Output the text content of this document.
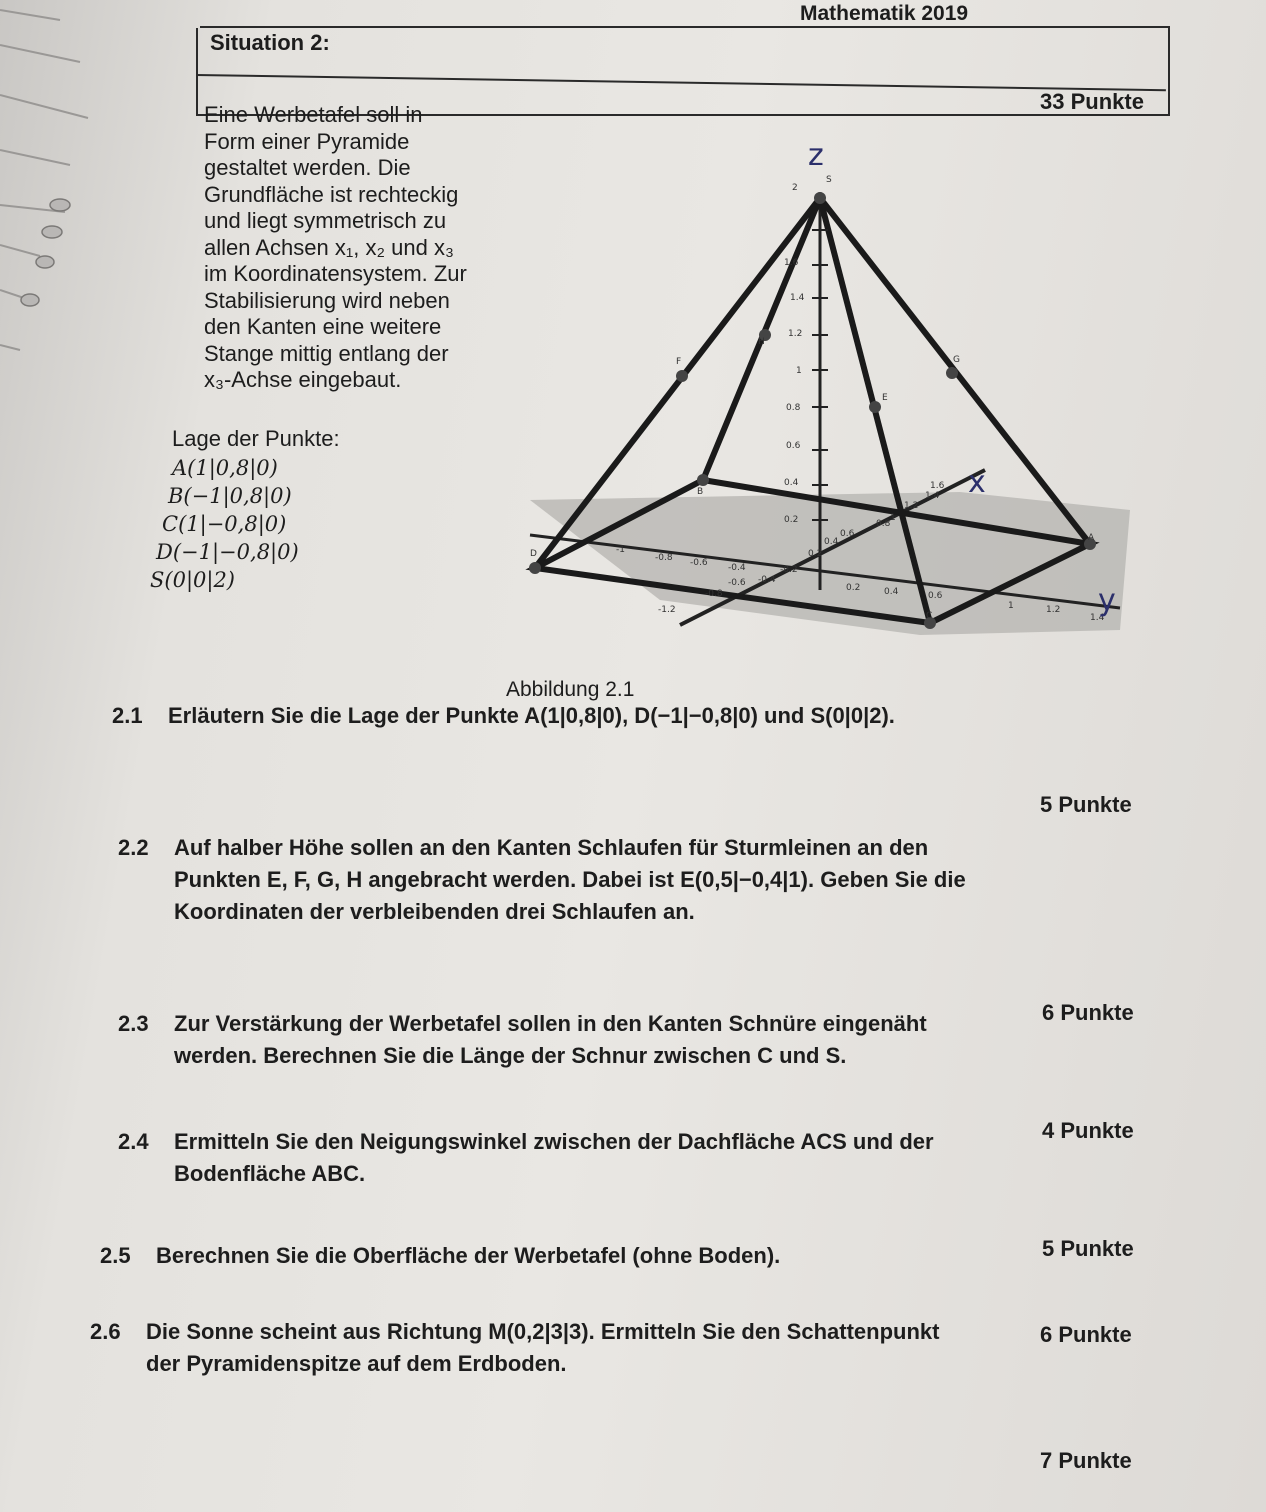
Mathematik 2019
Situation 2:
33 Punkte
Eine Werbetafel soll in
Form einer Pyramide
gestaltet werden. Die
Grundfläche ist rechteckig
und liegt symmetrisch zu
allen Achsen x₁, x₂ und x₃
im Koordinatensystem. Zur
Stabilisierung wird neben
den Kanten eine weitere
Stange mittig entlang der
x₃-Achse eingebaut.
Lage der Punkte:
A(1|0,8|0)
B(−1|0,8|0)
C(1|−0,8|0)
D(−1|−0,8|0)
S(0|0|2)
S
A
B
C
D
E
F	G
H
2
1.6
1.4
1.2
1
0.8
0.6
0.4
0.2
-1.2
-1
-0.8 -0.6 -0.4
0.2	0.4	0.6
1	1.2
1.4
1.6
1.4
1.2
1
0.8
0.6
0.4
0.2
-0.2
-0.4
-0.6
-0.8
z
x
y
Abbildung 2.1
2.1 Erläutern Sie die Lage der Punkte A(1|0,8|0), D(−1|−0,8|0) und S(0|0|2).
5 Punkte
2.2 Auf halber Höhe sollen an den Kanten Schlaufen für Sturmleinen an den
Punkten E, F, G, H angebracht werden. Dabei ist E(0,5|−0,4|1). Geben Sie die
Koordinaten der verbleibenden drei Schlaufen an.
6 Punkte
2.3 Zur Verstärkung der Werbetafel sollen in den Kanten Schnüre eingenäht
werden. Berechnen Sie die Länge der Schnur zwischen C und S.
4 Punkte
2.4 Ermitteln Sie den Neigungswinkel zwischen der Dachfläche ACS und der
Bodenfläche ABC.
5 Punkte
2.5 Berechnen Sie die Oberfläche der Werbetafel (ohne Boden).
6 Punkte
2.6 Die Sonne scheint aus Richtung M(0,2|3|3). Ermitteln Sie den Schattenpunkt
der Pyramidenspitze auf dem Erdboden.
7 Punkte
